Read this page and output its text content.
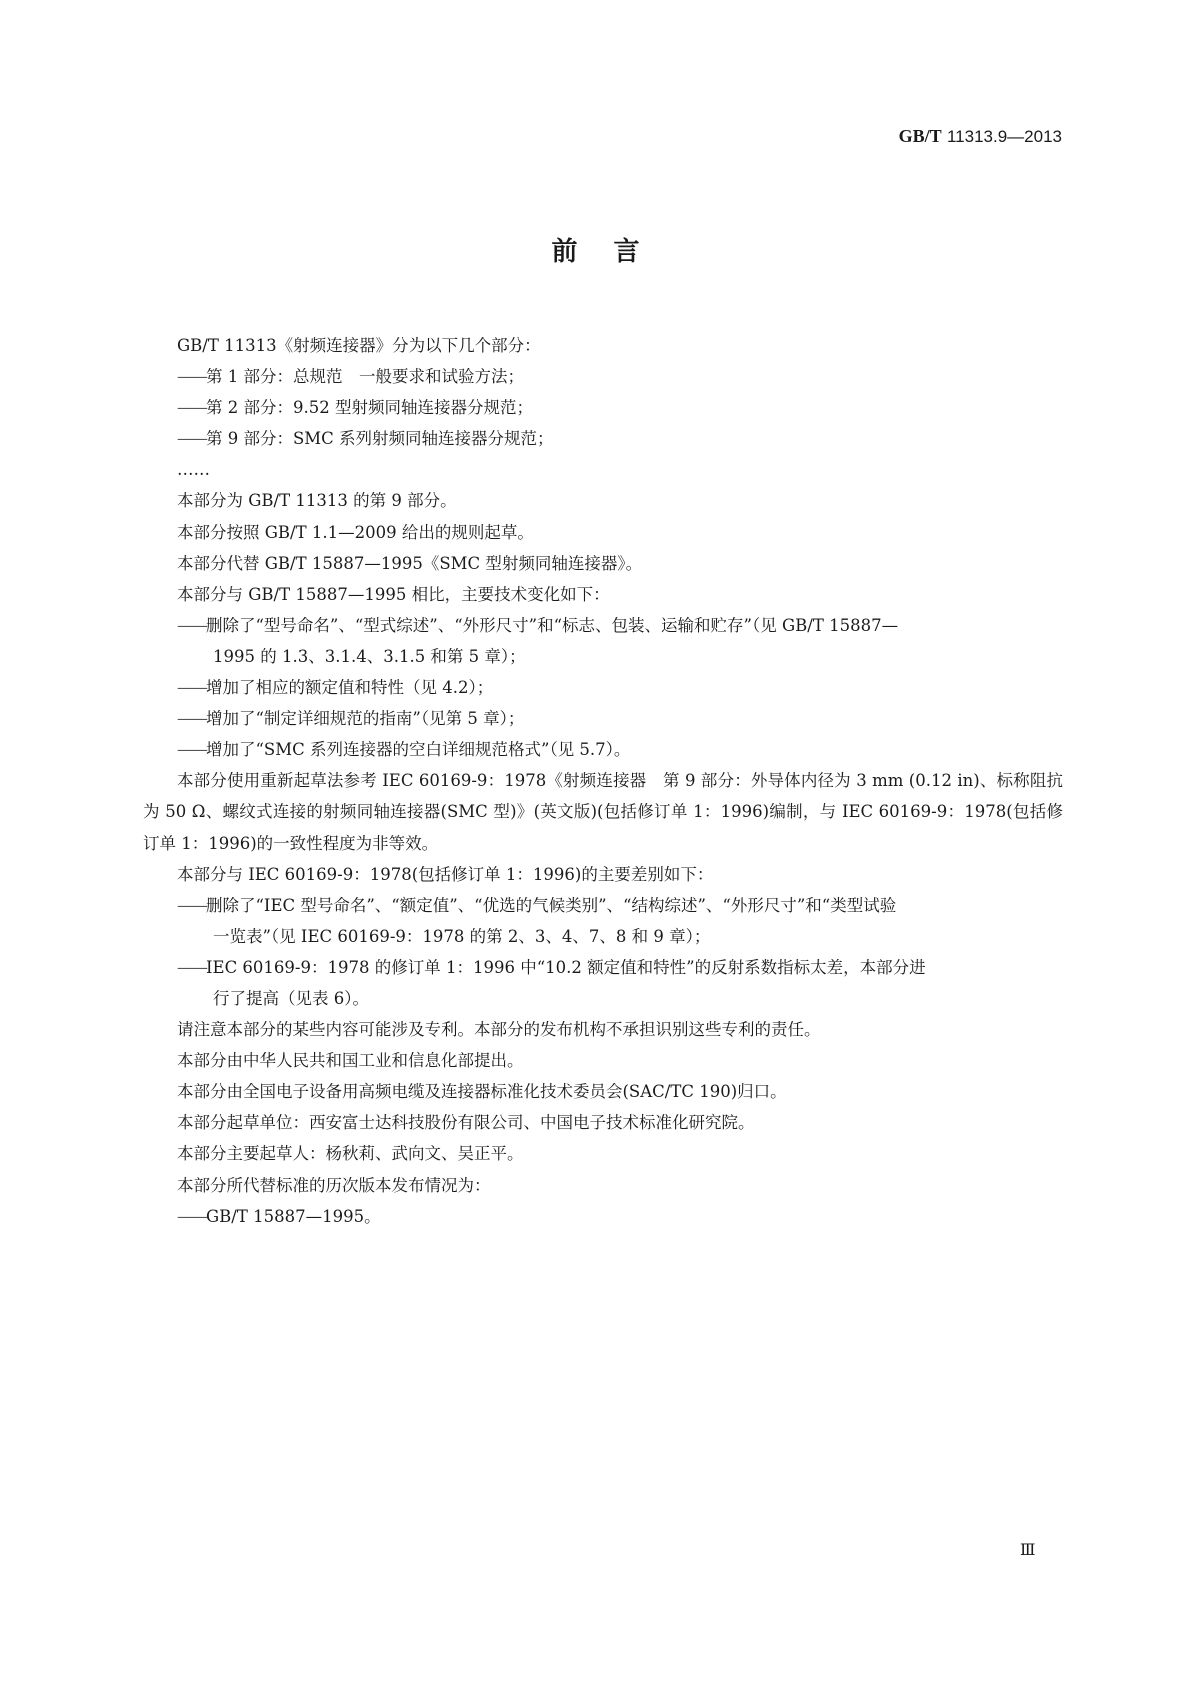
GB/T 11313.9—2013
前言

GB/T 11313《射频连接器》分为以下几个部分：

——第 1 部分：总规范　一般要求和试验方法；
——第 2 部分：9.52 型射频同轴连接器分规范；
——第 9 部分：SMC 系列射频同轴连接器分规范；

……

本部分为 GB/T 11313 的第 9 部分。

本部分按照 GB/T 1.1—2009 给出的规则起草。

本部分代替 GB/T 15887—1995《SMC 型射频同轴连接器》。

本部分与 GB/T 15887—1995 相比，主要技术变化如下：

——删除了“型号命名”、“型式综述”、“外形尺寸”和“标志、包装、运输和贮存”（见 GB/T 15887—
1995 的 1.3、3.1.4、3.1.5 和第 5 章）；
——增加了相应的额定值和特性（见 4.2）；
——增加了“制定详细规范的指南”（见第 5 章）；
——增加了“SMC 系列连接器的空白详细规范格式”（见 5.7）。

本部分使用重新起草法参考 IEC 60169-9：1978《射频连接器　第 9 部分：外导体内径为 3 mm (0.12 in)、标称阻抗为 50 Ω、螺纹式连接的射频同轴连接器(SMC 型)》(英文版)(包括修订单 1：1996)编制，与 IEC 60169-9：1978(包括修订单 1：1996)的一致性程度为非等效。

本部分与 IEC 60169-9：1978(包括修订单 1：1996)的主要差别如下：

——删除了“IEC 型号命名”、“额定值”、“优选的气候类别”、“结构综述”、“外形尺寸”和“类型试验
一览表”（见 IEC 60169-9：1978 的第 2、3、4、7、8 和 9 章）；
——IEC 60169-9：1978 的修订单 1：1996 中“10.2 额定值和特性”的反射系数指标太差，本部分进
行了提高（见表 6）。

请注意本部分的某些内容可能涉及专利。本部分的发布机构不承担识别这些专利的责任。

本部分由中华人民共和国工业和信息化部提出。

本部分由全国电子设备用高频电缆及连接器标准化技术委员会(SAC/TC 190)归口。

本部分起草单位：西安富士达科技股份有限公司、中国电子技术标准化研究院。

本部分主要起草人：杨秋莉、武向文、吴正平。

本部分所代替标准的历次版本发布情况为：

——GB/T 15887—1995。
Ⅲ
